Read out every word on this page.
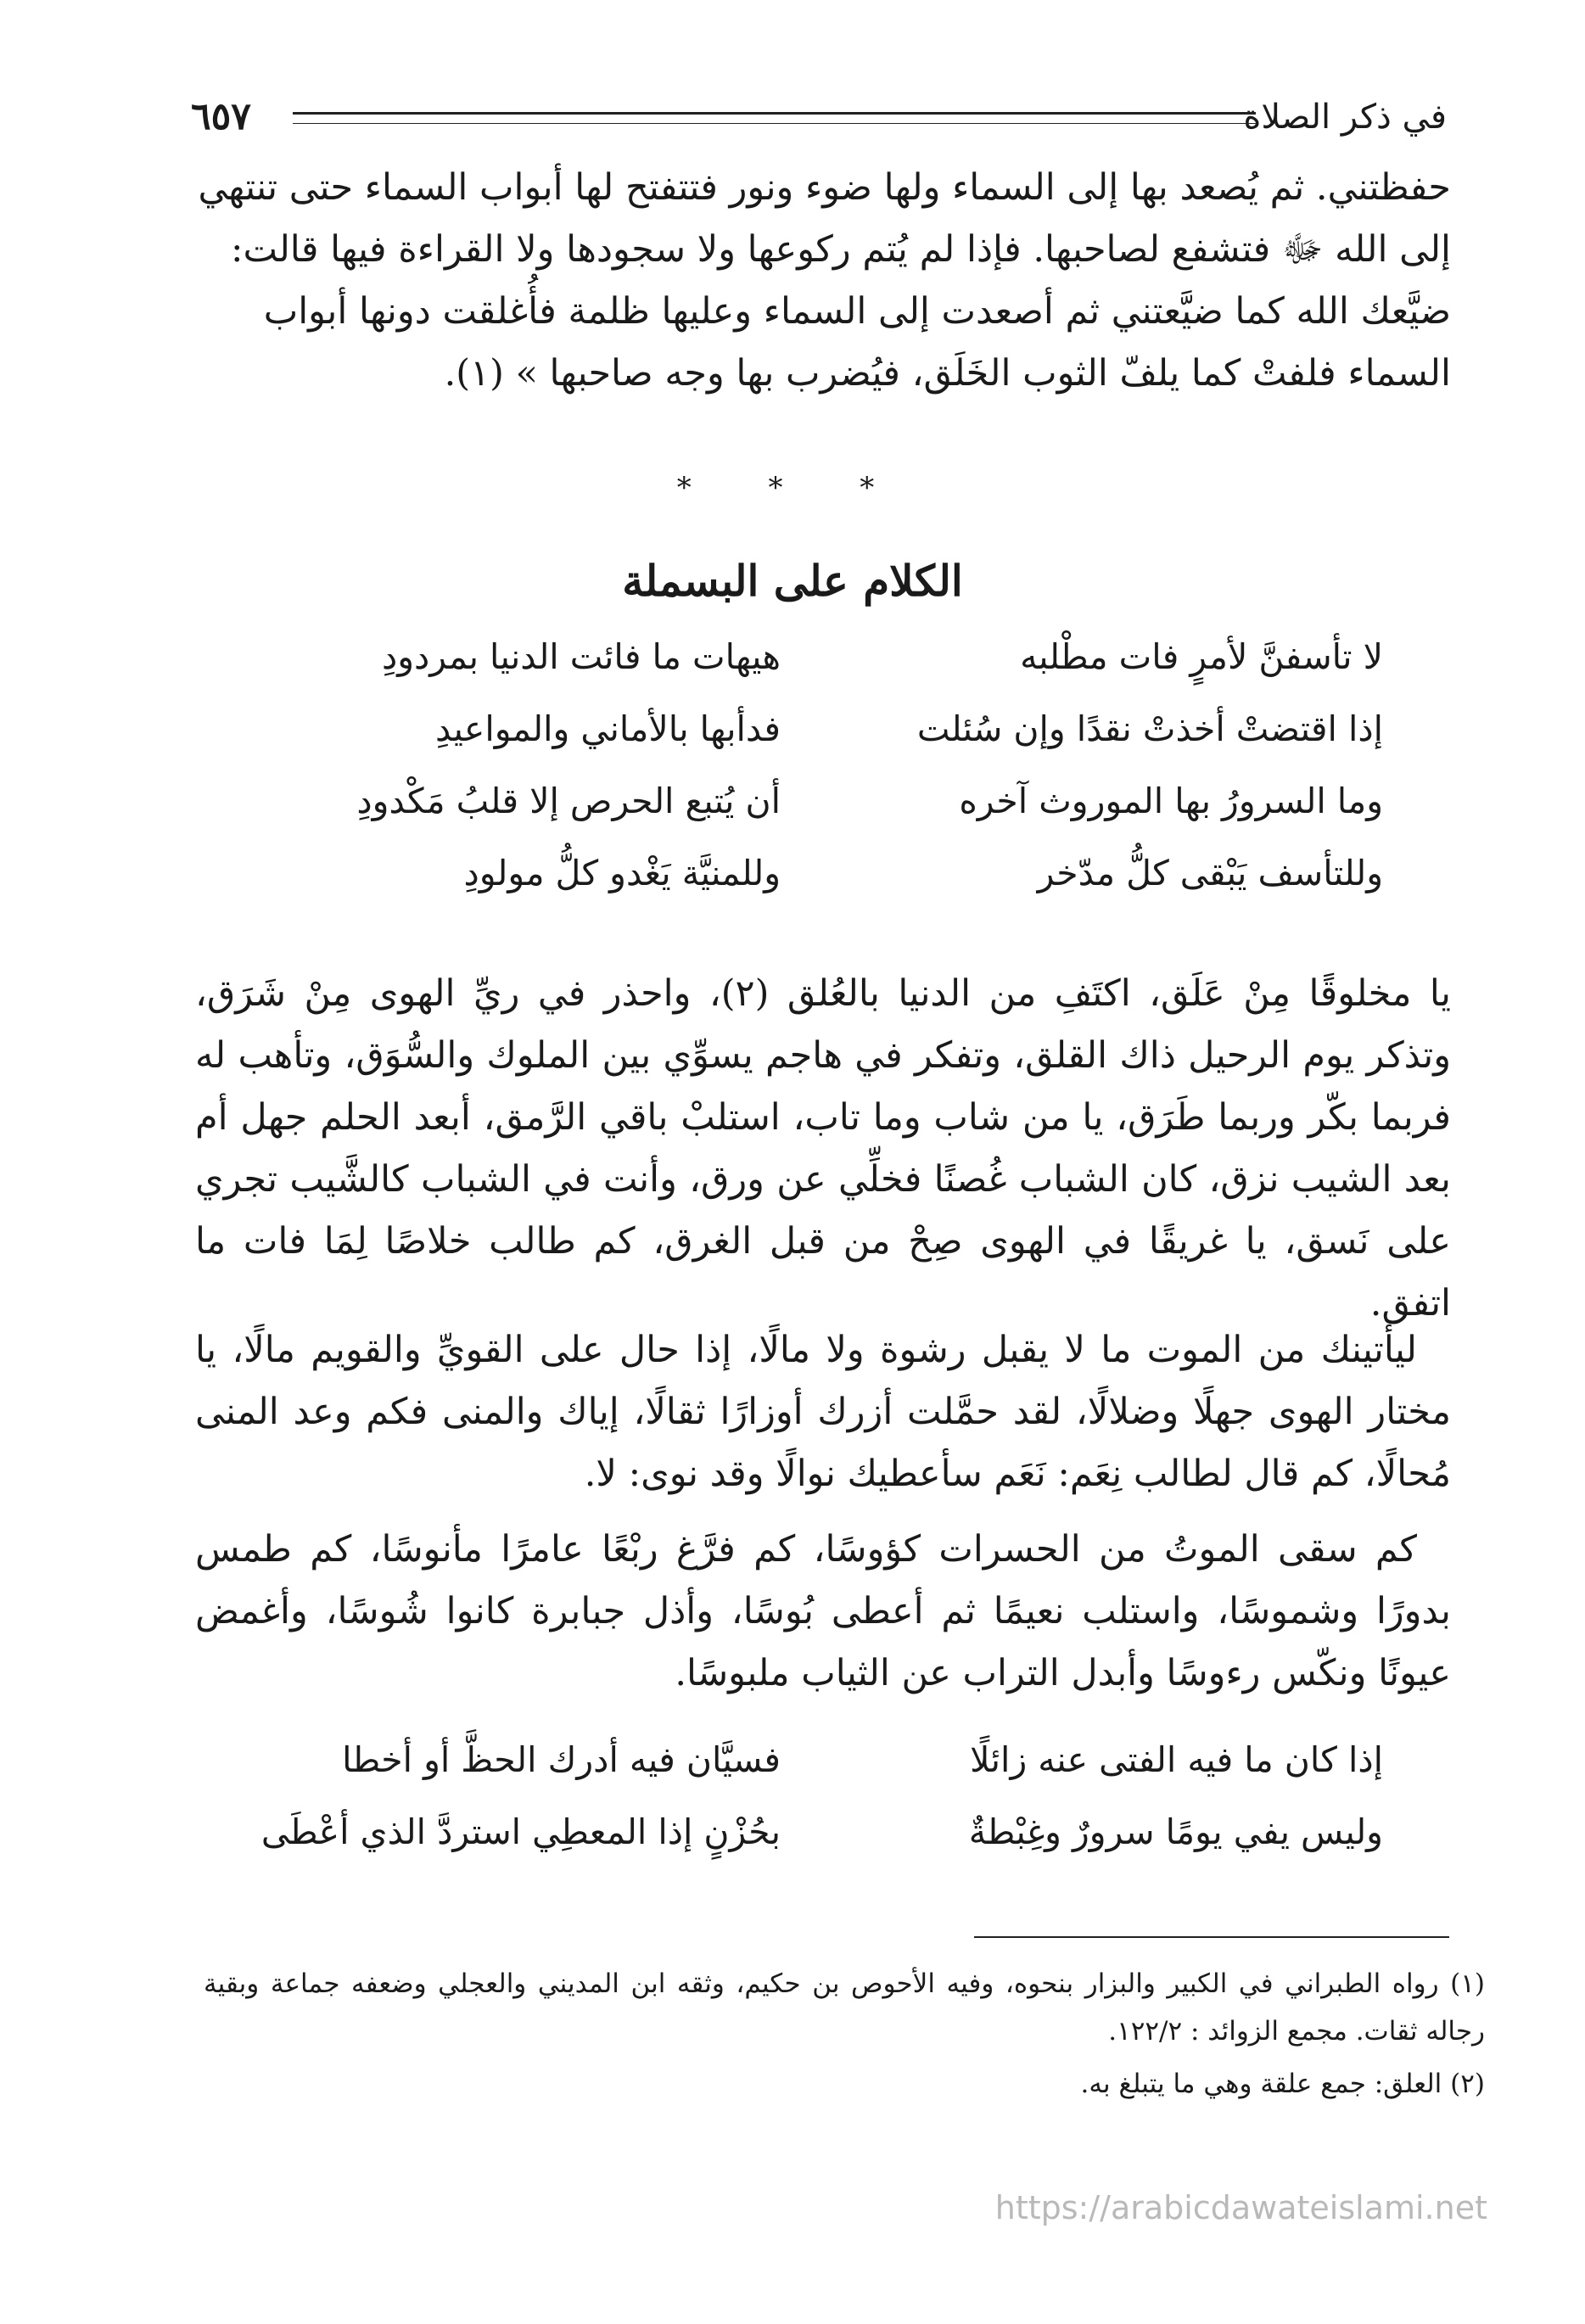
في ذكر الصلاة
٦٥٧

حفظتني. ثم يُصعد بها إلى السماء ولها ضوء ونور فتتفتح لها أبواب السماء حتى تنتهي

إلى الله ﷻ فتشفع لصاحبها. فإذا لم يُتم ركوعها ولا سجودها ولا القراءة فيها قالت:

ضيَّعك الله كما ضيَّعتني ثم أصعدت إلى السماء وعليها ظلمة فأُغلقت دونها أبواب

السماء فلفتْ كما يلفّ الثوب الخَلَق، فيُضرب بها وجه صاحبها » (١).

* * *
الكلام على البسملة
لا تأسفنَّ لأمرٍ فات مطْلبه
هيهات ما فائت الدنيا بمردودِ
إذا اقتضتْ أخذتْ نقدًا وإن سُئلت
فدأبها بالأماني والمواعيدِ
وما السرورُ بها الموروث آخره
أن يُتبع الحرص إلا قلبُ مَكْدودِ
وللتأسف يَبْقى كلُّ مدّخر
وللمنيَّة يَغْدو كلُّ مولودِ

يا مخلوقًا مِنْ عَلَق، اكتَفِ من الدنيا بالعُلق (٢)، واحذر في ريِّ الهوى مِنْ شَرَق، وتذكر يوم الرحيل ذاك القلق، وتفكر في هاجم يسوِّي بين الملوك والسُّوَق، وتأهب له فربما بكّر وربما طَرَق، يا من شاب وما تاب، استلبْ باقي الرَّمق، أبعد الحلم جهل أم بعد الشيب نزق، كان الشباب غُصنًا فخلِّي عن ورق، وأنت في الشباب كالشَّيب تجري على نَسق، يا غريقًا في الهوى صِحْ من قبل الغرق، كم طالب خلاصًا لِمَا فات ما اتفق.

ليأتينك من الموت ما لا يقبل رشوة ولا مالًا، إذا حال على القويِّ والقويم مالًا، يا مختار الهوى جهلًا وضلالًا، لقد حمَّلت أزرك أوزارًا ثقالًا، إياك والمنى فكم وعد المنى مُحالًا، كم قال لطالب نِعَم: نَعَم سأعطيك نوالًا وقد نوى: لا.

كم سقى الموتُ من الحسرات كؤوسًا، كم فرَّغ ربْعًا عامرًا مأنوسًا، كم طمس بدورًا وشموسًا، واستلب نعيمًا ثم أعطى بُوسًا، وأذل جبابرة كانوا شُوسًا، وأغمض عيونًا ونكّس رءوسًا وأبدل التراب عن الثياب ملبوسًا.

إذا كان ما فيه الفتى عنه زائلًا
فسيَّان فيه أدرك الحظَّ أو أخطا
وليس يفي يومًا سرورٌ وغِبْطةٌ
بحُزْنٍ إذا المعطِي استردَّ الذي أعْطَى

(١) رواه الطبراني في الكبير والبزار بنحوه، وفيه الأحوص بن حكيم، وثقه ابن المديني والعجلي وضعفه جماعة وبقية رجاله ثقات. مجمع الزوائد : ١٢٢/٢.

(٢) العلق: جمع علقة وهي ما يتبلغ به.

https://arabicdawateislami.net
